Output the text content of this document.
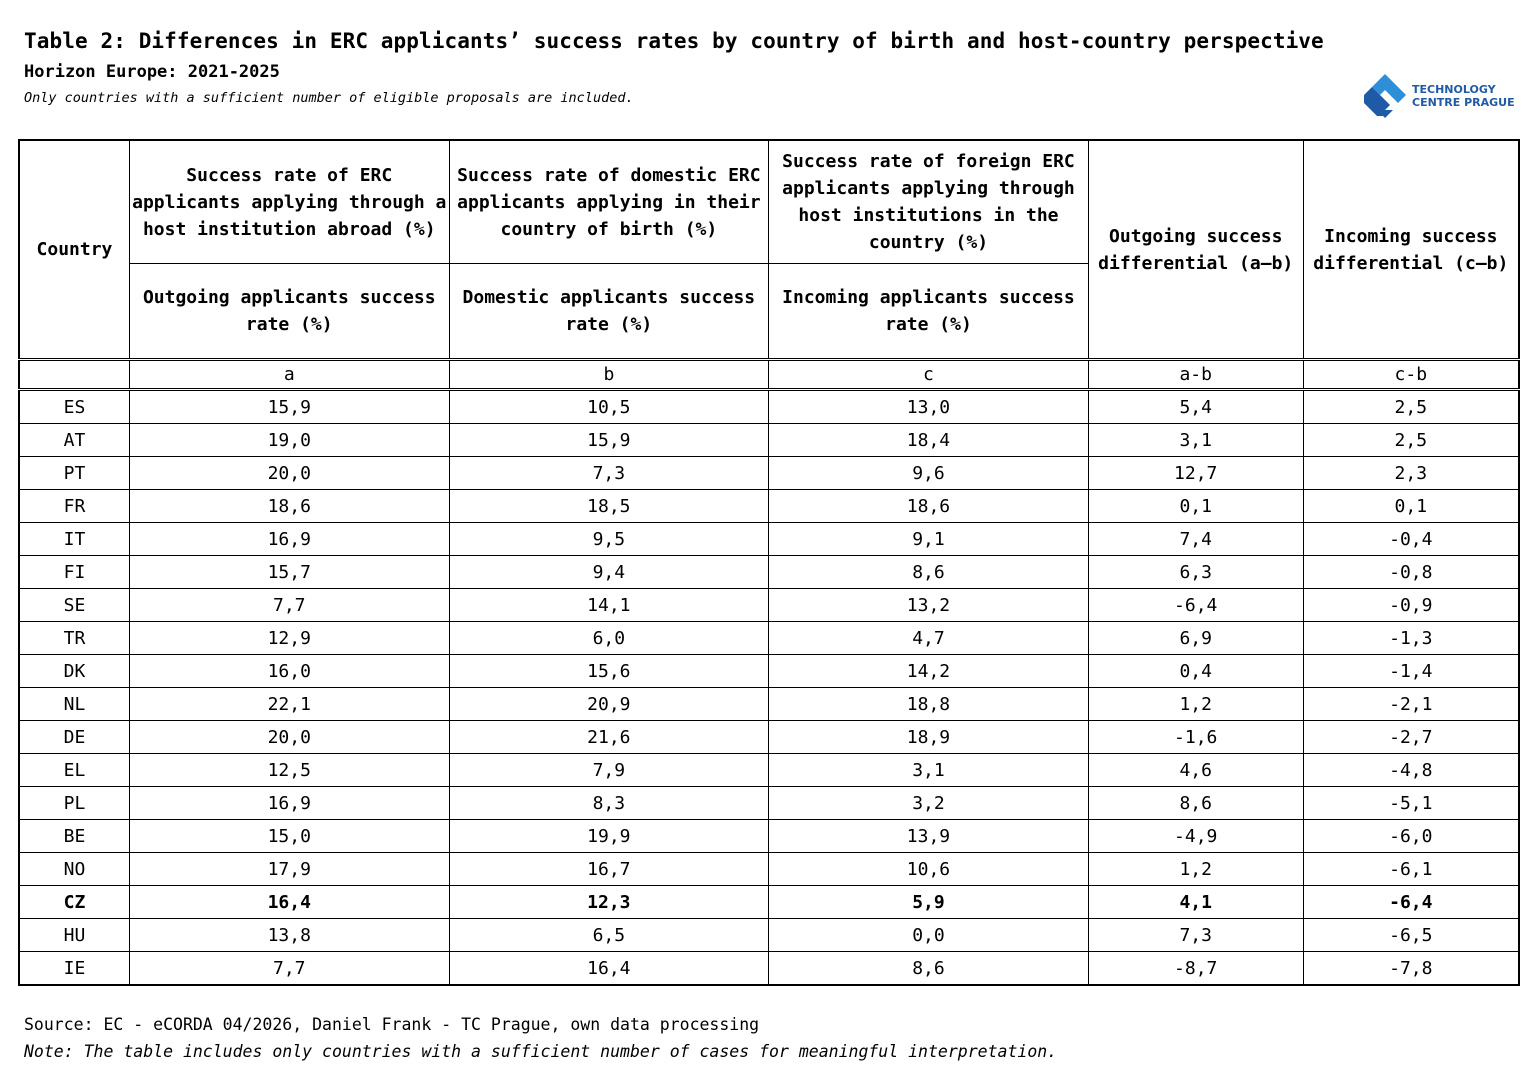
Table 2: Differences in ERC applicants’ success rates by country of birth and host-country perspective
Horizon Europe: 2021-2025
Only countries with a sufficient number of eligible proposals are included.
TECHNOLOGY
CENTRE PRAGUE
Country	Success rate of ERC applicants applying through a host institution abroad (%)	Success rate of domestic ERC applicants applying in their country of birth (%)	Success rate of foreign ERC applicants applying through host institutions in the country (%)	Outgoing success differential (a–b)	Incoming success differential (c–b)
	Outgoing applicants success rate (%)	Domestic applicants success rate (%)	Incoming applicants success rate (%)		
	a	b	c	a-b	c-b
ES	15,9	10,5	13,0	5,4	2,5
AT	19,0	15,9	18,4	3,1	2,5
PT	20,0	7,3	9,6	12,7	2,3
FR	18,6	18,5	18,6	0,1	0,1
IT	16,9	9,5	9,1	7,4	-0,4
FI	15,7	9,4	8,6	6,3	-0,8
SE	7,7	14,1	13,2	-6,4	-0,9
TR	12,9	6,0	4,7	6,9	-1,3
DK	16,0	15,6	14,2	0,4	-1,4
NL	22,1	20,9	18,8	1,2	-2,1
DE	20,0	21,6	18,9	-1,6	-2,7
EL	12,5	7,9	3,1	4,6	-4,8
PL	16,9	8,3	3,2	8,6	-5,1
BE	15,0	19,9	13,9	-4,9	-6,0
NO	17,9	16,7	10,6	1,2	-6,1
CZ	16,4	12,3	5,9	4,1	-6,4
HU	13,8	6,5	0,0	7,3	-6,5
IE	7,7	16,4	8,6	-8,7	-7,8
Source: EC - eCORDA 04/2026, Daniel Frank - TC Prague, own data processing
Note: The table includes only countries with a sufficient number of cases for meaningful interpretation.
